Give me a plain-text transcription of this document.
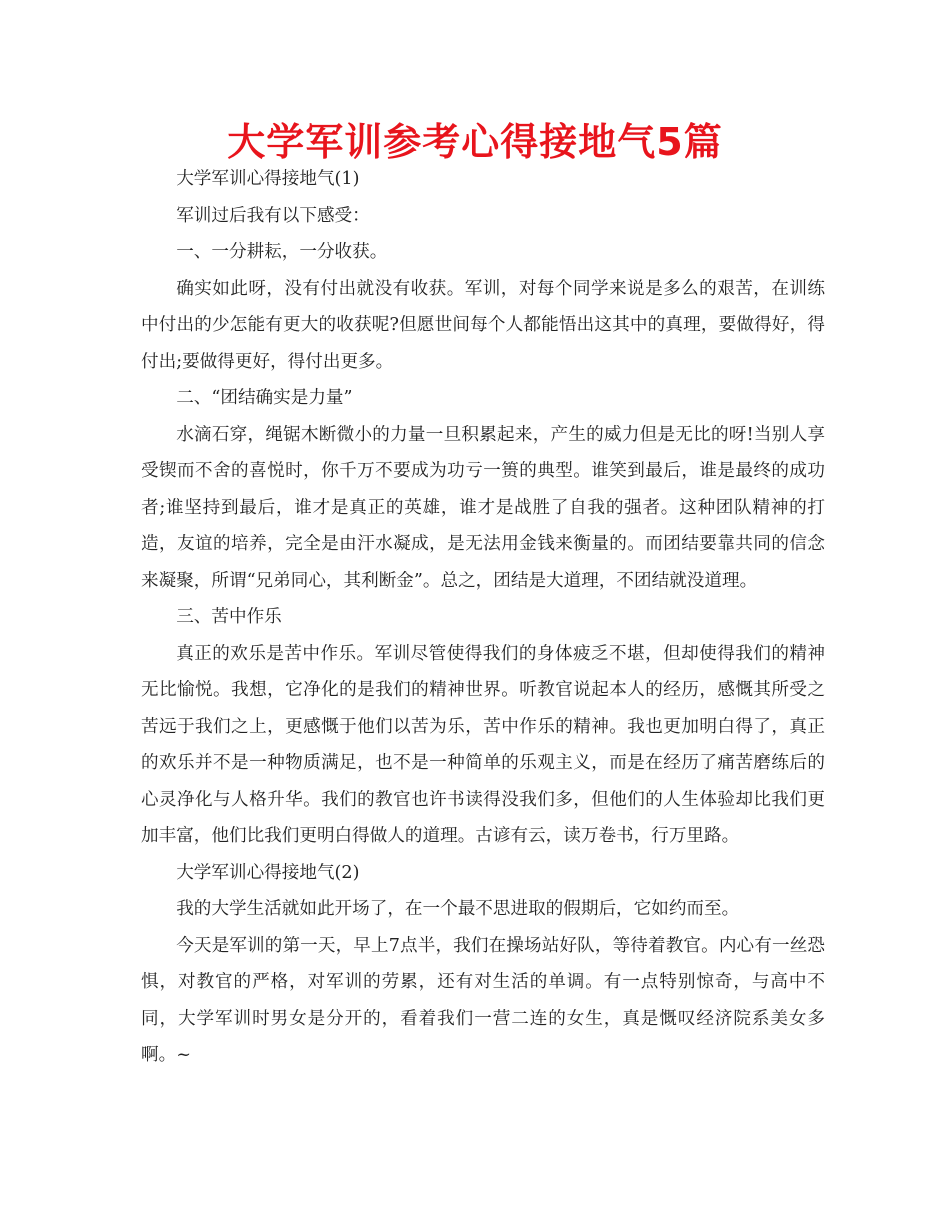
大学军训参考心得接地气5篇

大学军训心得接地气(1)

军训过后我有以下感受：

一、一分耕耘，一分收获。

确实如此呀，没有付出就没有收获。军训，对每个同学来说是多么的艰苦，在训练中付出的少怎能有更大的收获呢?但愿世间每个人都能悟出这其中的真理，要做得好，得付出;要做得更好，得付出更多。

二、“团结确实是力量”

水滴石穿，绳锯木断微小的力量一旦积累起来，产生的威力但是无比的呀!当别人享受锲而不舍的喜悦时，你千万不要成为功亏一篑的典型。谁笑到最后，谁是最终的成功者;谁坚持到最后，谁才是真正的英雄，谁才是战胜了自我的强者。这种团队精神的打造，友谊的培养，完全是由汗水凝成，是无法用金钱来衡量的。而团结要靠共同的信念来凝聚，所谓“兄弟同心，其利断金”。总之，团结是大道理，不团结就没道理。

三、苦中作乐

真正的欢乐是苦中作乐。军训尽管使得我们的身体疲乏不堪，但却使得我们的精神无比愉悦。我想，它净化的是我们的精神世界。听教官说起本人的经历，感慨其所受之苦远于我们之上，更感慨于他们以苦为乐，苦中作乐的精神。我也更加明白得了，真正的欢乐并不是一种物质满足，也不是一种简单的乐观主义，而是在经历了痛苦磨练后的心灵净化与人格升华。我们的教官也许书读得没我们多，但他们的人生体验却比我们更加丰富，他们比我们更明白得做人的道理。古谚有云，读万卷书，行万里路。

大学军训心得接地气(2)

我的大学生活就如此开场了，在一个最不思进取的假期后，它如约而至。

今天是军训的第一天，早上7点半，我们在操场站好队，等待着教官。内心有一丝恐惧，对教官的严格，对军训的劳累，还有对生活的单调。有一点特别惊奇，与高中不同，大学军训时男女是分开的，看着我们一营二连的女生，真是慨叹经济院系美女多啊。~
